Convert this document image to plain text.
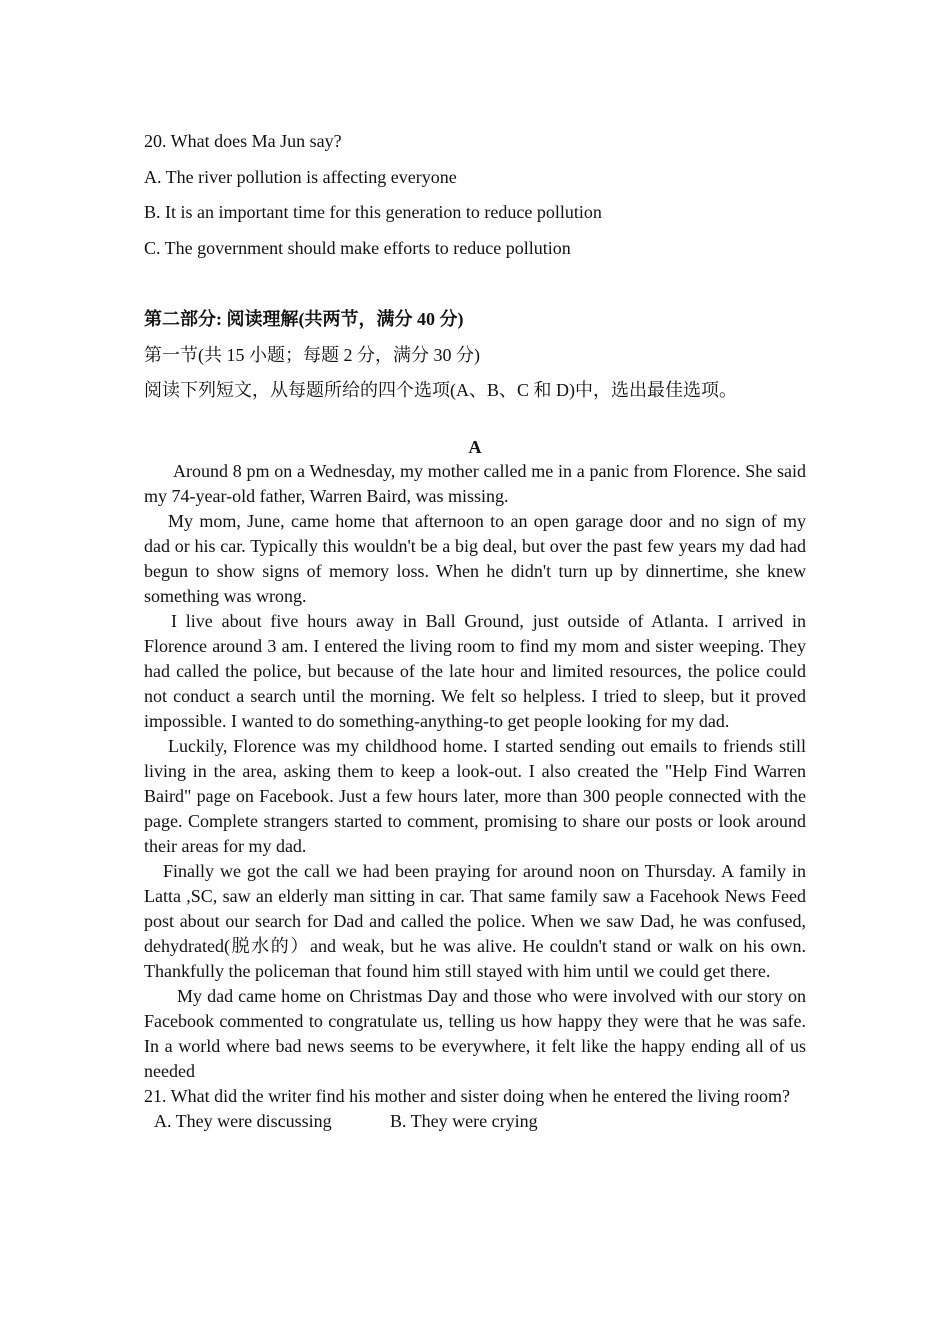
20. What does Ma Jun say?

A. The river pollution is affecting everyone

B. It is an important time for this generation to reduce pollution

C. The government should make efforts to reduce pollution

第二部分: 阅读理解(共两节，满分 40 分)

第一节(共 15 小题；每题 2 分，满分 30 分)

阅读下列短文，从每题所给的四个选项(A、B、C 和 D)中，选出最佳选项。

A

Around 8 pm on a Wednesday, my mother called me in a panic from Florence. She said my 74-year-old father, Warren Baird, was missing.

My mom, June, came home that afternoon to an open garage door and no sign of my dad or his car. Typically this wouldn't be a big deal, but over the past few years my dad had begun to show signs of memory loss. When he didn't turn up by dinnertime, she knew something was wrong.

I live about five hours away in Ball Ground, just outside of Atlanta. I arrived in Florence around 3 am. I entered the living room to find my mom and sister weeping. They had called the police, but because of the late hour and limited resources, the police could not conduct a search until the morning. We felt so helpless. I tried to sleep, but it proved impossible. I wanted to do something-anything-to get people looking for my dad.

Luckily, Florence was my childhood home. I started sending out emails to friends still living in the area, asking them to keep a look-out. I also created the "Help Find Warren Baird" page on Facebook. Just a few hours later, more than 300 people connected with the page. Complete strangers started to comment, promising to share our posts or look around their areas for my dad.

Finally we got the call we had been praying for around noon on Thursday. A family in Latta ,SC, saw an elderly man sitting in car. That same family saw a Facehook News Feed post about our search for Dad and called the police. When we saw Dad, he was confused, dehydrated(脱水的）and weak, but he was alive. He couldn't stand or walk on his own. Thankfully the policeman that found him still stayed with him until we could get there.

My dad came home on Christmas Day and those who were involved with our story on Facebook commented to congratulate us, telling us how happy they were that he was safe. In a world where bad news seems to be everywhere, it felt like the happy ending all of us needed

21. What did the writer find his mother and sister doing when he entered the living room?

A. They were discussing	B. They were crying
